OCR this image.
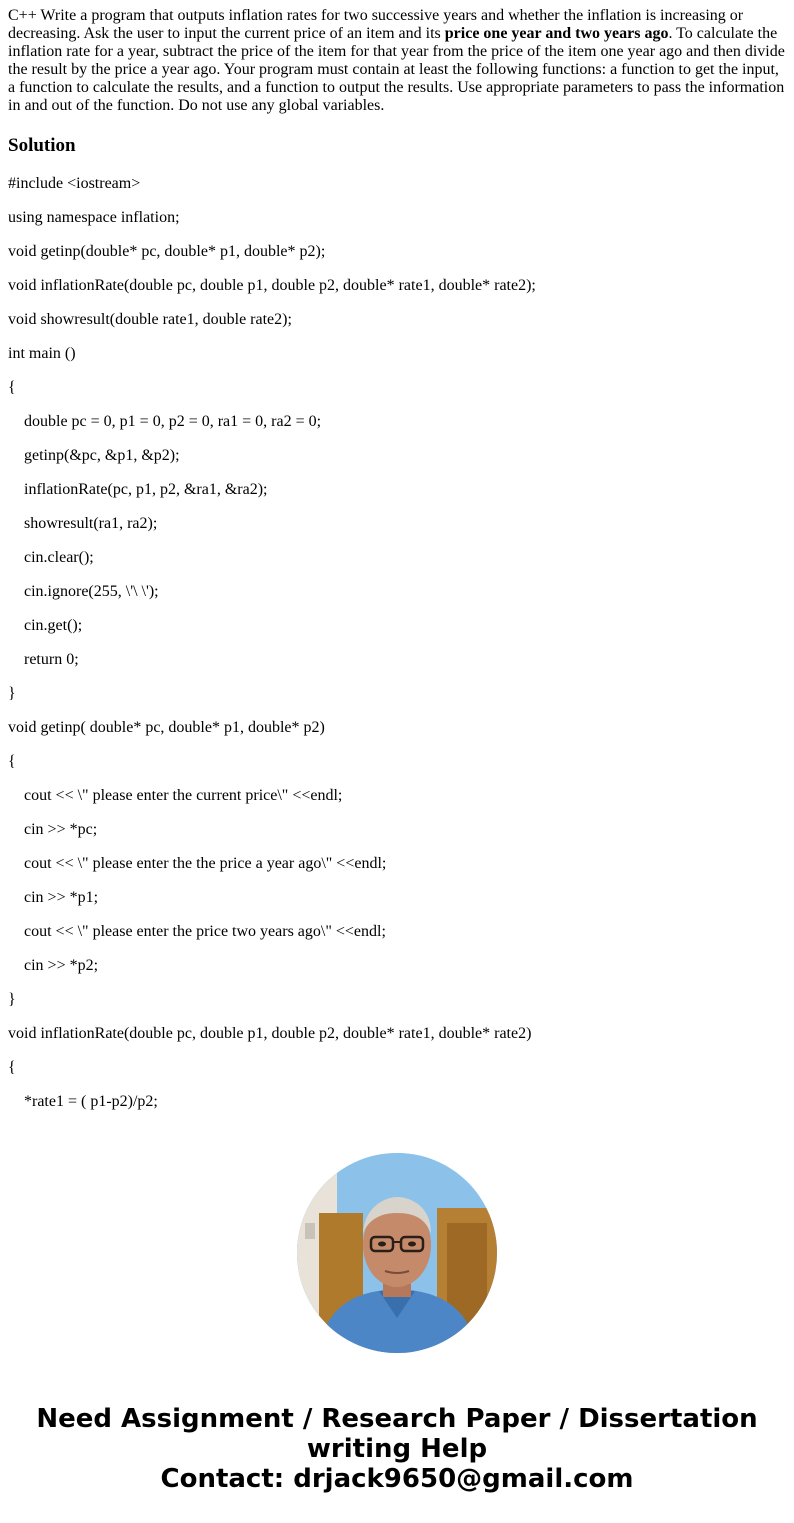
C++ Write a program that outputs inflation rates for two successive years and whether the inflation is increasing or decreasing. Ask the user to input the current price of an item and its price one year and two years ago. To calculate the inflation rate for a year, subtract the price of the item for that year from the price of the item one year ago and then divide the result by the price a year ago. Your program must contain at least the following functions: a function to get the input, a function to calculate the results, and a function to output the results. Use appropriate parameters to pass the information in and out of the function. Do not use any global variables.

Solution

#include <iostream>

using namespace inflation;

void getinp(double* pc, double* p1, double* p2);

void inflationRate(double pc, double p1, double p2, double* rate1, double* rate2);

void showresult(double rate1, double rate2);

int main ()

{

double pc = 0, p1 = 0, p2 = 0, ra1 = 0, ra2 = 0;

getinp(&pc, &p1, &p2);

inflationRate(pc, p1, p2, &ra1, &ra2);

showresult(ra1, ra2);

cin.clear();

cin.ignore(255, \'\ \');

cin.get();

return 0;

}

void getinp( double* pc, double* p1, double* p2)

{

cout << \" please enter the current price\" <<endl;

cin >> *pc;

cout << \" please enter the the price a year ago\" <<endl;

cin >> *p1;

cout << \" please enter the price two years ago\" <<endl;

cin >> *p2;

}

void inflationRate(double pc, double p1, double p2, double* rate1, double* rate2)

{

*rate1 = ( p1-p2)/p2;

Need Assignment / Research Paper / Dissertation
writing Help
Contact: drjack9650@gmail.com
